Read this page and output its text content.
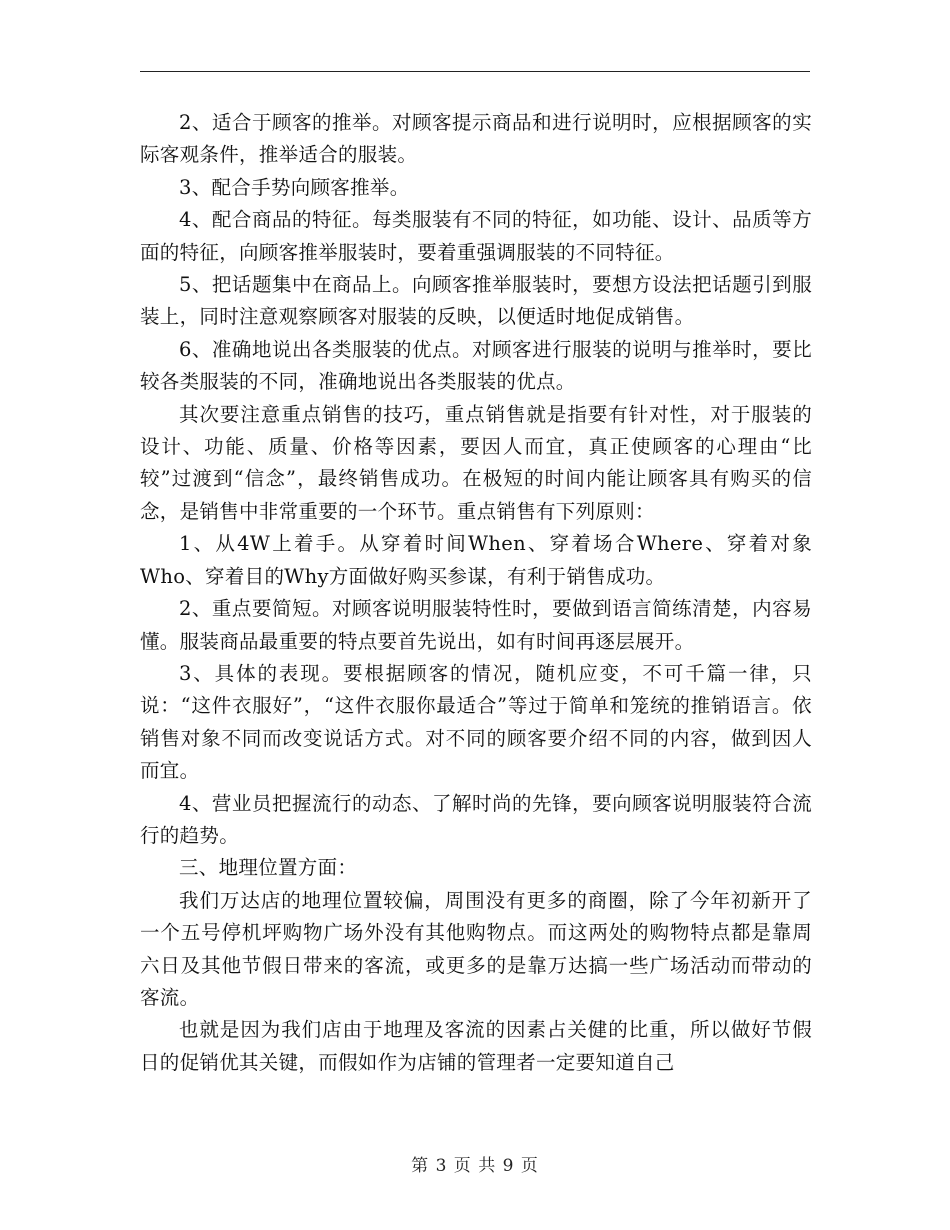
2、适合于顾客的推举。对顾客提示商品和进行说明时，应根据顾客的实际客观条件，推举适合的服装。

3、配合手势向顾客推举。

4、配合商品的特征。每类服装有不同的特征，如功能、设计、品质等方面的特征，向顾客推举服装时，要着重强调服装的不同特征。

5、把话题集中在商品上。向顾客推举服装时，要想方设法把话题引到服装上，同时注意观察顾客对服装的反映，以便适时地促成销售。

6、准确地说出各类服装的优点。对顾客进行服装的说明与推举时，要比较各类服装的不同，准确地说出各类服装的优点。

其次要注意重点销售的技巧，重点销售就是指要有针对性，对于服装的设计、功能、质量、价格等因素，要因人而宜，真正使顾客的心理由“比较”过渡到“信念”，最终销售成功。在极短的时间内能让顾客具有购买的信念，是销售中非常重要的一个环节。重点销售有下列原则：

1、从4W上着手。从穿着时间When、穿着场合Where、穿着对象Who、穿着目的Why方面做好购买参谋，有利于销售成功。

2、重点要简短。对顾客说明服装特性时，要做到语言简练清楚，内容易懂。服装商品最重要的特点要首先说出，如有时间再逐层展开。

3、具体的表现。要根据顾客的情况，随机应变，不可千篇一律，只说：“这件衣服好”，“这件衣服你最适合”等过于简单和笼统的推销语言。依销售对象不同而改变说话方式。对不同的顾客要介绍不同的内容，做到因人而宜。

4、营业员把握流行的动态、了解时尚的先锋，要向顾客说明服装符合流行的趋势。

三、地理位置方面：

我们万达店的地理位置较偏，周围没有更多的商圈，除了今年初新开了一个五号停机坪购物广场外没有其他购物点。而这两处的购物特点都是靠周六日及其他节假日带来的客流，或更多的是靠万达搞一些广场活动而带动的客流。

也就是因为我们店由于地理及客流的因素占关健的比重，所以做好节假日的促销优其关键，而假如作为店铺的管理者一定要知道自己

第 3 页 共 9 页
